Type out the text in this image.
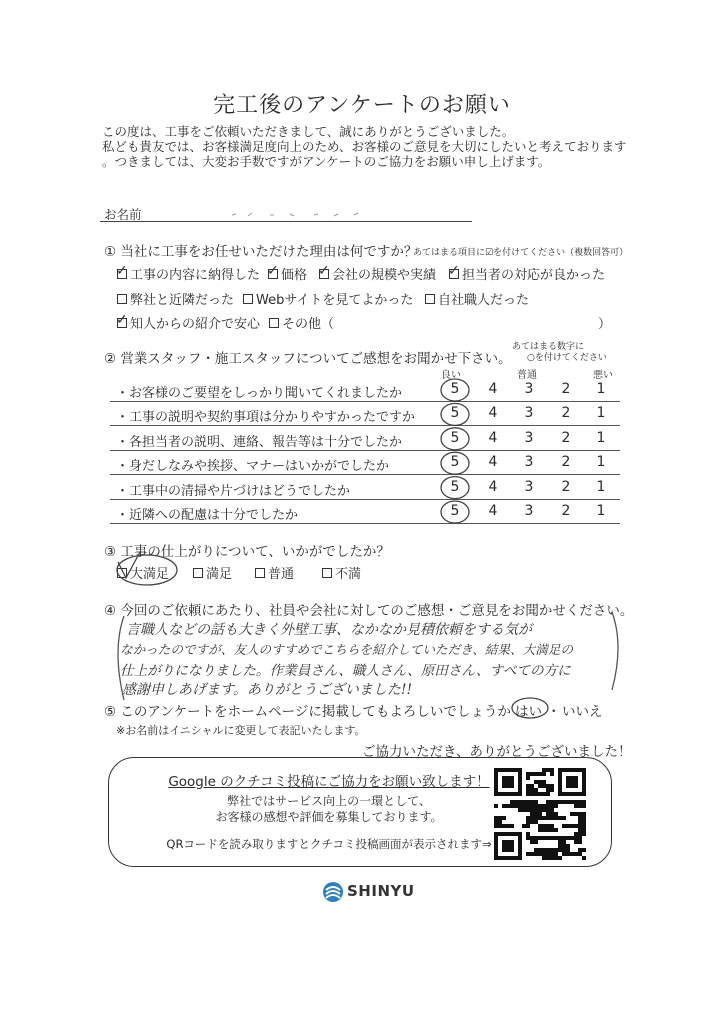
完工後のアンケートのお願い
この度は、工事をご依頼いただきまして、誠にありがとうございました。
私ども貴友では、お客様満足度向上のため、お客様のご意見を大切にしたいと考えております
。つきましては、大変お手数ですがアンケートのご協力をお願い申し上げます。
お名前
① 当社に工事をお任せいただけた理由は何ですか？
あてはまる項目に☑を付けてください（複数回答可）
✓ 工事の内容に納得した ✓ 価格 ✓ 会社の規模や実績 ✓ 担当者の対応が良かった
弊社と近隣だった Webサイトを見てよかった 自社職人だった
✓ 知人からの紹介で安心 その他（	）
② 営業スタッフ・施工スタッフについてご感想をお聞かせ下さい。
あてはまる数字に
○を付けてください
良い	普通	悪い
・お客様のご要望をしっかり聞いてくれましたか	5	4	3	2	1
・工事の説明や契約事項は分かりやすかったですか	5	4	3	2	1
・各担当者の説明、連絡、報告等は十分でしたか	5	4	3	2	1
・身だしなみや挨拶、マナーはいかがでしたか	5	4	3	2	1
・工事中の清掃や片づけはどうでしたか	5	4	3	2	1
・近隣への配慮は十分でしたか	5	4	3	2	1
③ 工事の仕上がりについて、いかがでしたか？
大満足	満足	普通	不満
④ 今回のご依頼にあたり、社員や会社に対してのご感想・ご意見をお聞かせください。
言職人などの話も大きく外壁工事、なかなか見積依頼をする気が
なかったのですが、友人のすすめでこちらを紹介していただき、結果、大満足の
仕上がりになりました。作業員さん、職人さん、原田さん、すべての方に
感謝申しあげます。ありがとうございました!!
⑤ このアンケートをホームページに掲載してもよろしいでしょうか はい ・ いいえ
※お名前はイニシャルに変更して表記いたします。
ご協力いただき、ありがとうございました！
Google のクチコミ投稿にご協力をお願い致します！
弊社ではサービス向上の一環として、
お客様の感想や評価を募集しております。
QRコードを読み取りますとクチコミ投稿画面が表示されます⇒
SHINYU
